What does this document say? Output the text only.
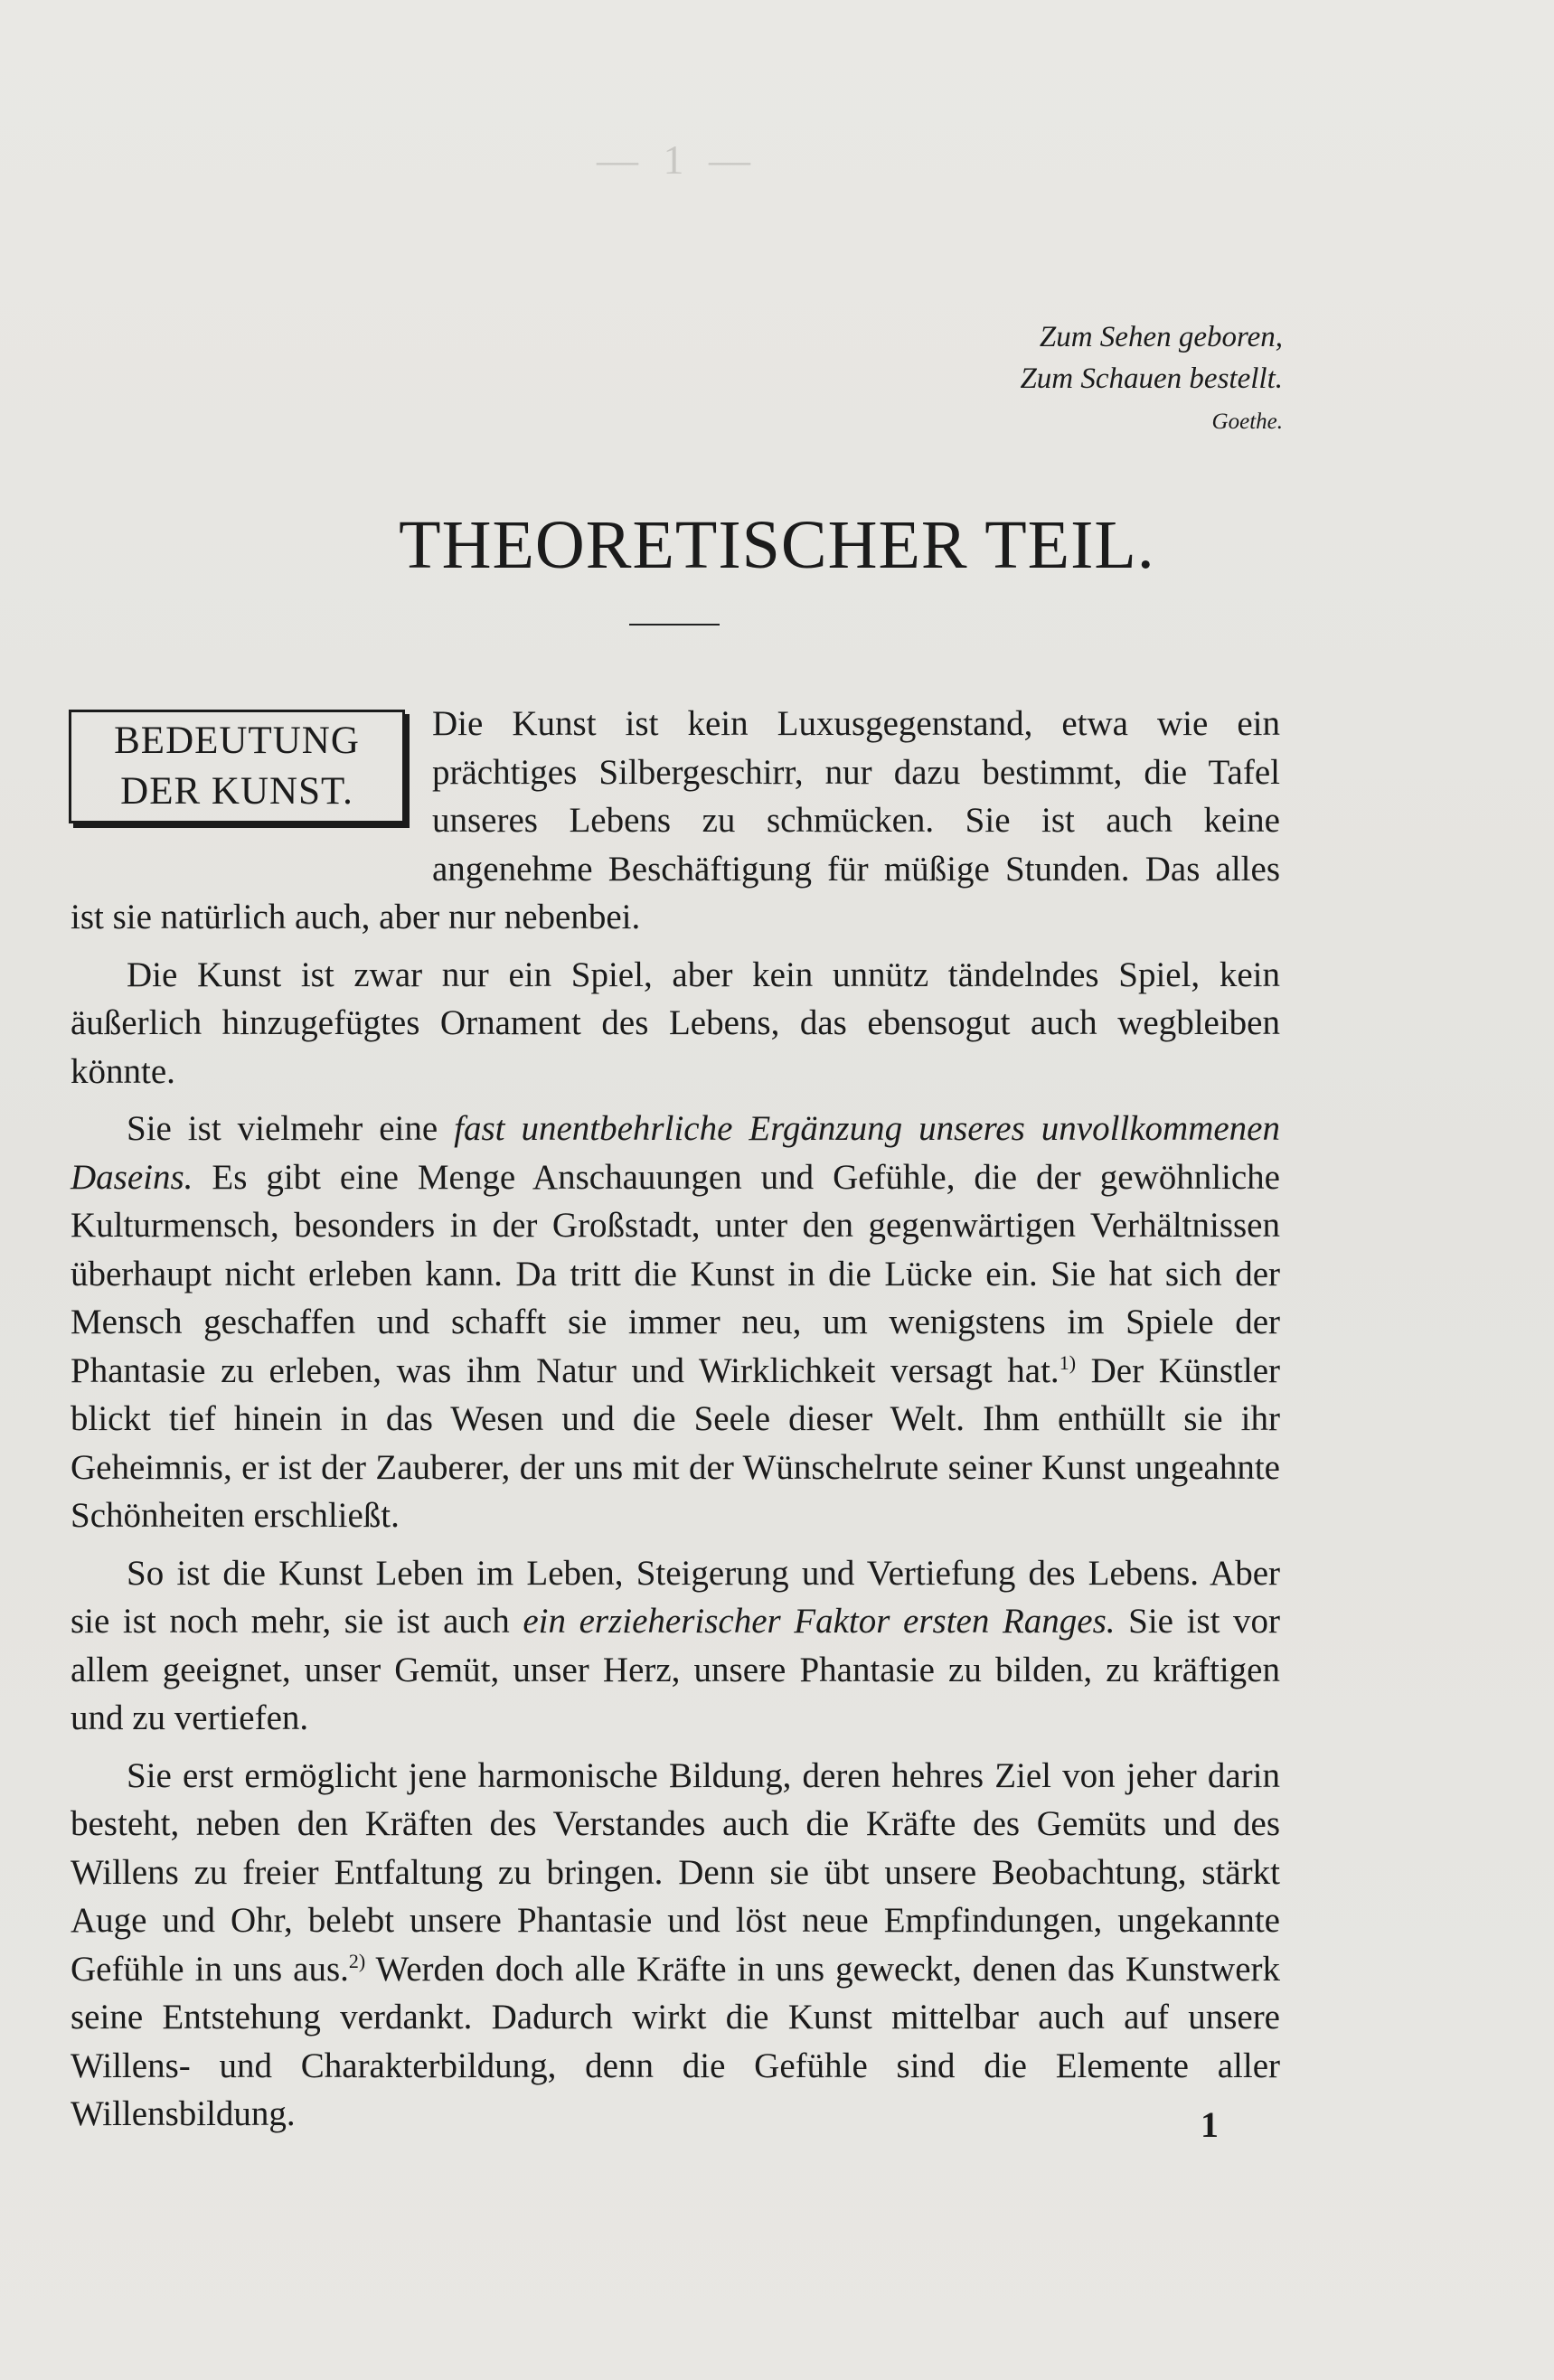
— 1 —
Zum Sehen geboren,
Zum Schauen bestellt.
Goethe.
THEORETISCHER TEIL.

Die Kunst ist kein Luxusgegenstand, etwa wie ein prächtiges Silbergeschirr, nur dazu bestimmt, die Tafel unseres Lebens zu schmücken. Sie ist auch keine angenehme Beschäftigung für müßige Stunden. Das alles ist sie natürlich auch, aber nur nebenbei.

Die Kunst ist zwar nur ein Spiel, aber kein unnütz tändelndes Spiel, kein äußerlich hinzugefügtes Ornament des Lebens, das ebensogut auch wegbleiben könnte.

Sie ist vielmehr eine fast unentbehrliche Ergänzung unseres unvollkommenen Daseins. Es gibt eine Menge Anschauungen und Gefühle, die der gewöhnliche Kulturmensch, besonders in der Großstadt, unter den gegenwärtigen Verhältnissen überhaupt nicht erleben kann. Da tritt die Kunst in die Lücke ein. Sie hat sich der Mensch geschaffen und schafft sie immer neu, um wenigstens im Spiele der Phantasie zu erleben, was ihm Natur und Wirklichkeit versagt hat.$^{1)}$ Der Künstler blickt tief hinein in das Wesen und die Seele dieser Welt. Ihm enthüllt sie ihr Geheimnis, er ist der Zauberer, der uns mit der Wünschelrute seiner Kunst ungeahnte Schönheiten erschließt.

So ist die Kunst Leben im Leben, Steigerung und Vertiefung des Lebens. Aber sie ist noch mehr, sie ist auch ein erzieherischer Faktor ersten Ranges. Sie ist vor allem geeignet, unser Gemüt, unser Herz, unsere Phantasie zu bilden, zu kräftigen und zu vertiefen.

Sie erst ermöglicht jene harmonische Bildung, deren hehres Ziel von jeher darin besteht, neben den Kräften des Verstandes auch die Kräfte des Gemüts und des Willens zu freier Entfaltung zu bringen. Denn sie übt unsere Beobachtung, stärkt Auge und Ohr, belebt unsere Phantasie und löst neue Empfindungen, ungekannte Gefühle in uns aus.$^{2)}$ Werden doch alle Kräfte in uns geweckt, denen das Kunstwerk seine Entstehung verdankt. Dadurch wirkt die Kunst mittelbar auch auf unsere Willens- und Charakterbildung, denn die Gefühle sind die Elemente aller Willensbildung.

BEDEUTUNG
DER KUNST.
1
